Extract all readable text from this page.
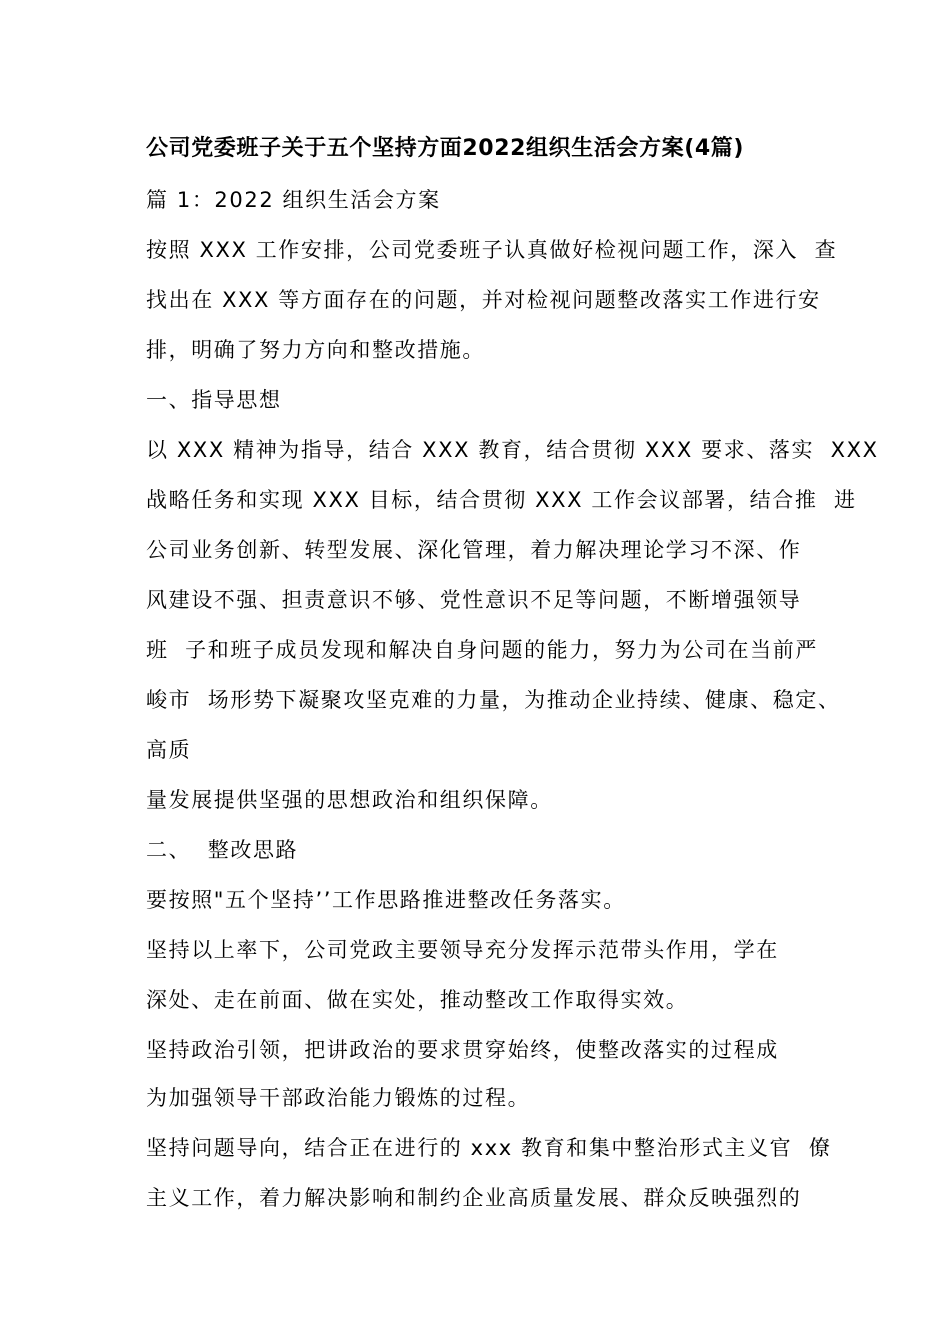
公司党委班子关于五个坚持方面2022组织生活会方案(4篇)
篇 1：2022 组织生活会方案
按照 XXX 工作安排，公司党委班子认真做好检视问题工作，深入  查
找出在 XXX 等方面存在的问题，并对检视问题整改落实工作进行安
排，明确了努力方向和整改措施。
一、指导思想
以 XXX 精神为指导，结合 XXX 教育，结合贯彻 XXX 要求、落实  XXX
战略任务和实现 XXX 目标，结合贯彻 XXX 工作会议部署，结合推  进
公司业务创新、转型发展、深化管理，着力解决理论学习不深、作
风建设不强、担责意识不够、党性意识不足等问题，不断增强领导
班  子和班子成员发现和解决自身问题的能力，努力为公司在当前严
峻市  场形势下凝聚攻坚克难的力量，为推动企业持续、健康、稳定、
高质
量发展提供坚强的思想政治和组织保障。
二、  整改思路
要按照"五个坚持’’工作思路推进整改任务落实。
坚持以上率下，公司党政主要领导充分发挥示范带头作用，学在
深处、走在前面、做在实处，推动整改工作取得实效。
坚持政治引领，把讲政治的要求贯穿始终，使整改落实的过程成
为加强领导干部政治能力锻炼的过程。
坚持问题导向，结合正在进行的 xxx 教育和集中整治形式主义官  僚
主义工作，着力解决影响和制约企业高质量发展、群众反映强烈的
